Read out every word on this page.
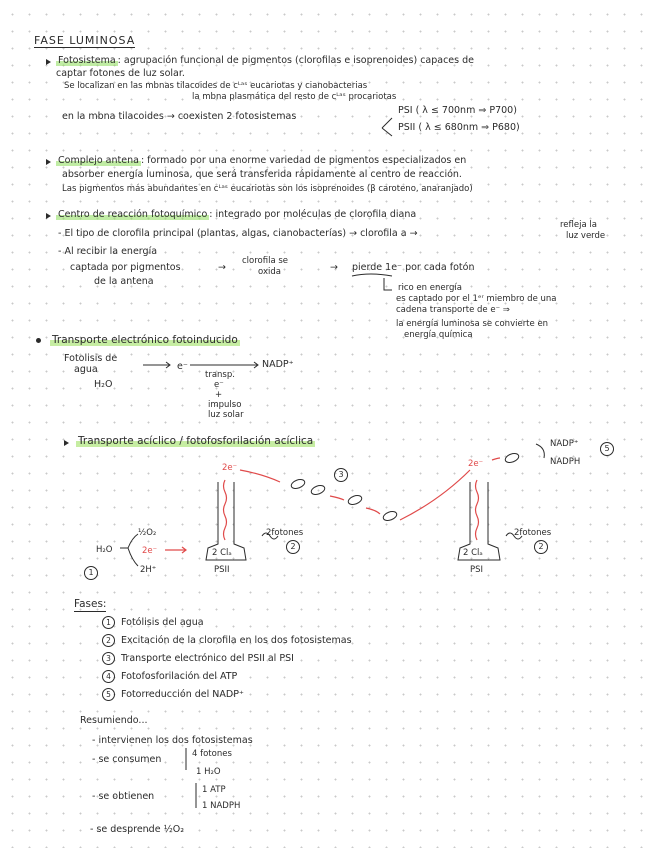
FASE LUMINOSA
Fotosistema : agrupación funcional de pigmentos (clorofilas e isoprenoides) capaces de
captar fotones de luz solar.
Se localizan en las mbnas tilacoides de cᴸᵃˢ eucariotas y cianobacterias
la mbna plasmática del resto de cᴸᵃˢ procariotas
en la mbna tilacoides → coexisten 2 fotosistemas
PSI ( λ ≤ 700nm ⇒ P700)
PSII ( λ ≤ 680nm ⇒ P680)
Complejo antena : formado por una enorme variedad de pigmentos especializados en
absorber energía luminosa, que será transferida rápidamente al centro de reacción.
Las pigmentos más abundantes en cᴸᵃˢ eucariotas son los isoprenoides (β caroteno, anaranjado)
Centro de reacción fotoquímico : integrado por moléculas de clorofila diana
- El tipo de clorofila principal (plantas, algas, cianobacterías) → clorofila a →
refleja la
luz verde
- Al recibir la energía
captada por pigmentos
de la antena
→
clorofila se
oxida	→ pierde 1e⁻ por cada fotón
rico en energía
es captado por el 1ᵉʳ miembro de una
cadena transporte de e⁻ ⇒
la energía luminosa se convierte en
energía química
Transporte electrónico fotoinducido
Fotolisis de
agua
H₂O
e⁻	NADP⁺
transp.
e⁻
+
impulso
luz solar
Transporte acíclico / fotofosforilación acíclica
H₂O
½O₂
2e⁻
2H⁺
2e⁻	2e⁻
2 Clₐ	2 Clₐ
PSII	PSI
2fotones	2fotones
NADP⁺
NADPH
1
2
3
2
5
Fases:
1 Fotólisis del agua
2 Excitación de la clorofila en los dos fotosistemas
3 Transporte electrónico del PSII al PSI
4 Fotofosforilación del ATP
5 Fotorreducción del NADP⁺
Resumiendo...
- intervienen los dos fotosistemas
- se consumen	4 fotones
1 H₂O
- se obtienen
1 ATP
1 NADPH
- se desprende ½O₂
